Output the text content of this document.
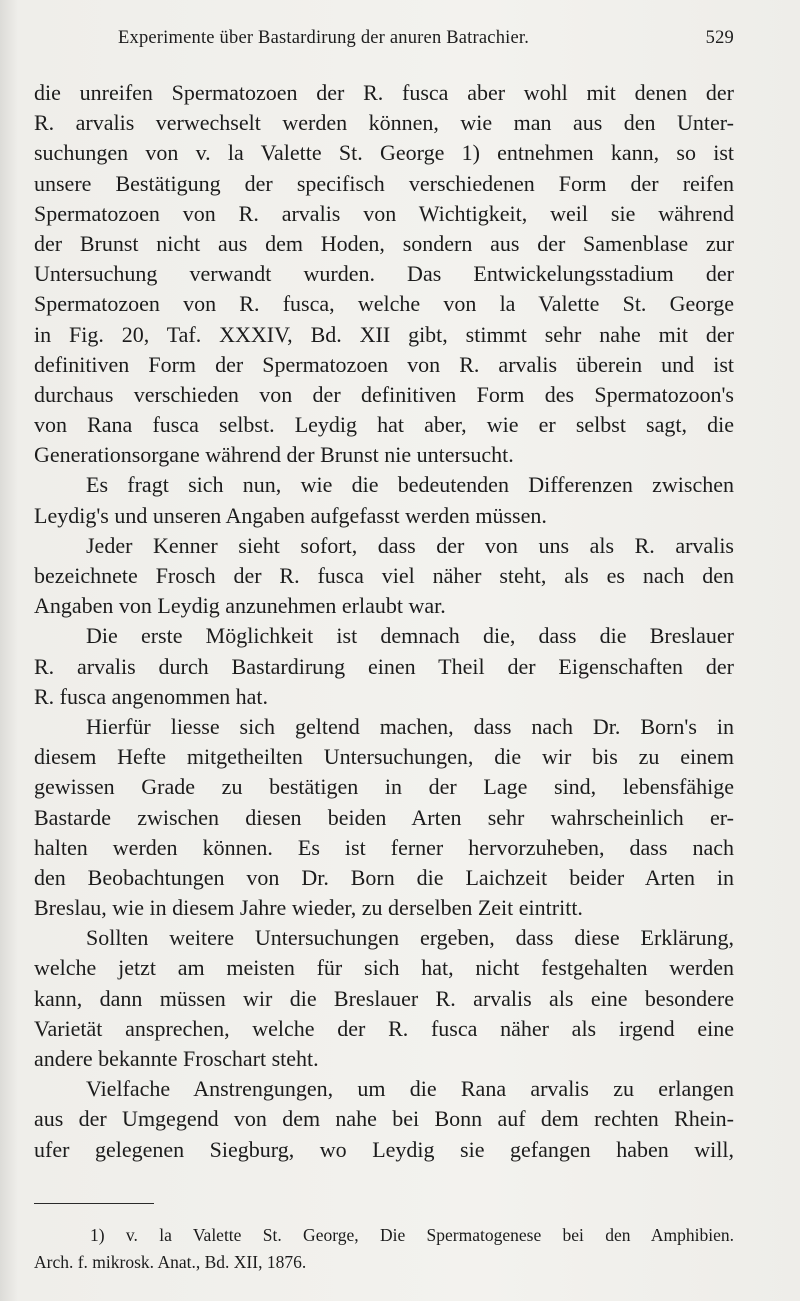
Experimente über Bastardirung der anuren Batrachier.	529
die unreifen Spermatozoen der R. fusca aber wohl mit denen der
R. arvalis verwechselt werden können, wie man aus den Unter-
suchungen von v. la Valette St. George 1) entnehmen kann, so ist
unsere Bestätigung der specifisch verschiedenen Form der reifen
Spermatozoen von R. arvalis von Wichtigkeit, weil sie während
der Brunst nicht aus dem Hoden, sondern aus der Samenblase zur
Untersuchung verwandt wurden. Das Entwickelungsstadium der
Spermatozoen von R. fusca, welche von la Valette St. George
in Fig. 20, Taf. XXXIV, Bd. XII gibt, stimmt sehr nahe mit der
definitiven Form der Spermatozoen von R. arvalis überein und ist
durchaus verschieden von der definitiven Form des Spermatozoon's
von Rana fusca selbst. Leydig hat aber, wie er selbst sagt, die
Generationsorgane während der Brunst nie untersucht.
Es fragt sich nun, wie die bedeutenden Differenzen zwischen
Leydig's und unseren Angaben aufgefasst werden müssen.
Jeder Kenner sieht sofort, dass der von uns als R. arvalis
bezeichnete Frosch der R. fusca viel näher steht, als es nach den
Angaben von Leydig anzunehmen erlaubt war.
Die erste Möglichkeit ist demnach die, dass die Breslauer
R. arvalis durch Bastardirung einen Theil der Eigenschaften der
R. fusca angenommen hat.
Hierfür liesse sich geltend machen, dass nach Dr. Born's in
diesem Hefte mitgetheilten Untersuchungen, die wir bis zu einem
gewissen Grade zu bestätigen in der Lage sind, lebensfähige
Bastarde zwischen diesen beiden Arten sehr wahrscheinlich er-
halten werden können. Es ist ferner hervorzuheben, dass nach
den Beobachtungen von Dr. Born die Laichzeit beider Arten in
Breslau, wie in diesem Jahre wieder, zu derselben Zeit eintritt.
Sollten weitere Untersuchungen ergeben, dass diese Erklärung,
welche jetzt am meisten für sich hat, nicht festgehalten werden
kann, dann müssen wir die Breslauer R. arvalis als eine besondere
Varietät ansprechen, welche der R. fusca näher als irgend eine
andere bekannte Froschart steht.
Vielfache Anstrengungen, um die Rana arvalis zu erlangen
aus der Umgegend von dem nahe bei Bonn auf dem rechten Rhein-
ufer gelegenen Siegburg, wo Leydig sie gefangen haben will,
1) v. la Valette St. George, Die Spermatogenese bei den Amphibien.
Arch. f. mikrosk. Anat., Bd. XII, 1876.
